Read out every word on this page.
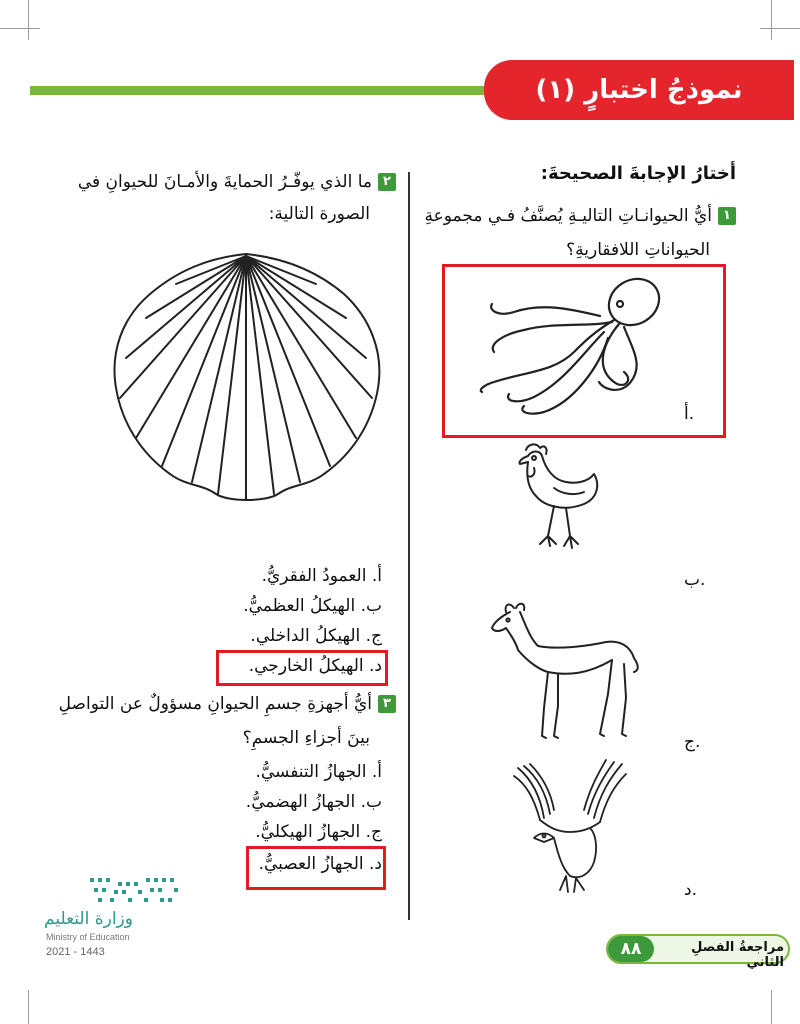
نموذجُ اختبارٍ (١)
أختارُ الإجابةَ الصحيحةَ:
١أيُّ الحيوانـاتِ التاليـةِ يُصنَّفُ فـي مجموعةِ
الحيواناتِ اللافقاريةِ؟
أ.
ب.
ج.
د.
٢ما الذي يوفّـرُ الحمايةَ والأمـانَ للحيوانِ في
الصورة التالية:
أ. العمودُ الفقريُّ.
ب. الهيكلُ العظميُّ.
ج. الهيكلُ الداخلي.
د. الهيكلُ الخارجي.
٣أيُّ أجهزةِ جسمِ الحيوانِ مسؤولٌ عن التواصلِ
بينَ أجزاءِ الجسمِ؟
أ. الجهازُ التنفسيُّ.
ب. الجهازُ الهضميُّ.
ج. الجهازُ الهيكليُّ.
د. الجهازُ العصبيُّ.
وزارة التعليم
Ministry of Education
2021 - 1443	٨٨	مراجعةُ الفصلِ الثاني
